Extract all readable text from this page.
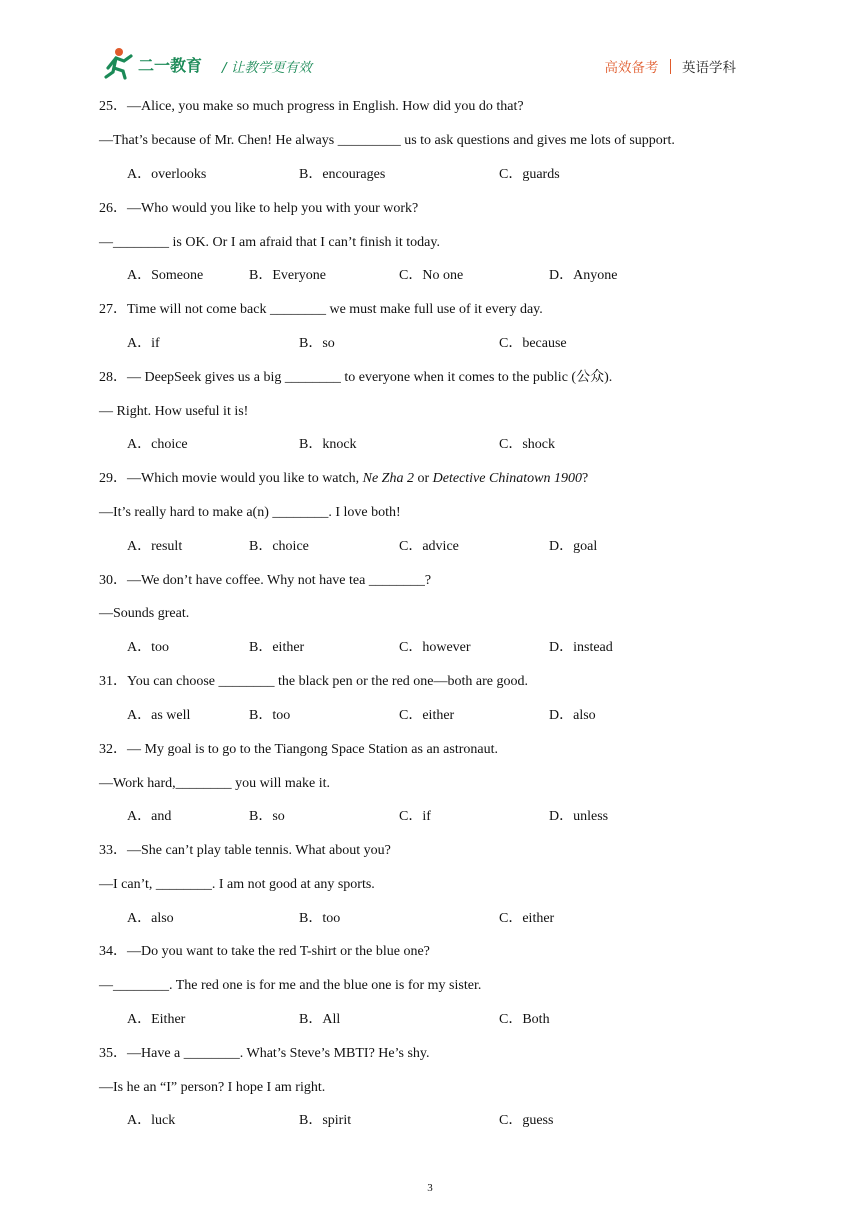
二一教育 / 让教学更有效	高效备考 英语学科
25．—Alice, you make so much progress in English. How did you do that?
—That’s because of Mr. Chen! He always _________ us to ask questions and gives me lots of support.
A．overlooks	B．encourages	C．guards
26．—Who would you like to help you with your work?
—________ is OK. Or I am afraid that I can’t finish it today.
A．Someone	B．Everyone	C．No one	D．Anyone
27．Time will not come back ________ we must make full use of it every day.
A．if	B．so	C．because
28．— DeepSeek gives us a big ________ to everyone when it comes to the public (公众).
— Right. How useful it is!
A．choice	B．knock	C．shock
29．—Which movie would you like to watch, Ne Zha 2 or Detective Chinatown 1900?
—It’s really hard to make a(n) ________. I love both!
A．result	B．choice	C．advice	D．goal
30．—We don’t have coffee. Why not have tea ________?
—Sounds great.
A．too	B．either	C．however	D．instead
31．You can choose ________ the black pen or the red one—both are good.
A．as well	B．too	C．either	D．also
32．— My goal is to go to the Tiangong Space Station as an astronaut.
—Work hard,________ you will make it.
A．and	B．so	C．if	D．unless
33．—She can’t play table tennis. What about you?
—I can’t, ________. I am not good at any sports.
A．also	B．too	C．either
34．—Do you want to take the red T-shirt or the blue one?
—________. The red one is for me and the blue one is for my sister.
A．Either	B．All	C．Both
35．—Have a ________. What’s Steve’s MBTI? He’s shy.
—Is he an “I” person? I hope I am right.
A．luck	B．spirit	C．guess
3
